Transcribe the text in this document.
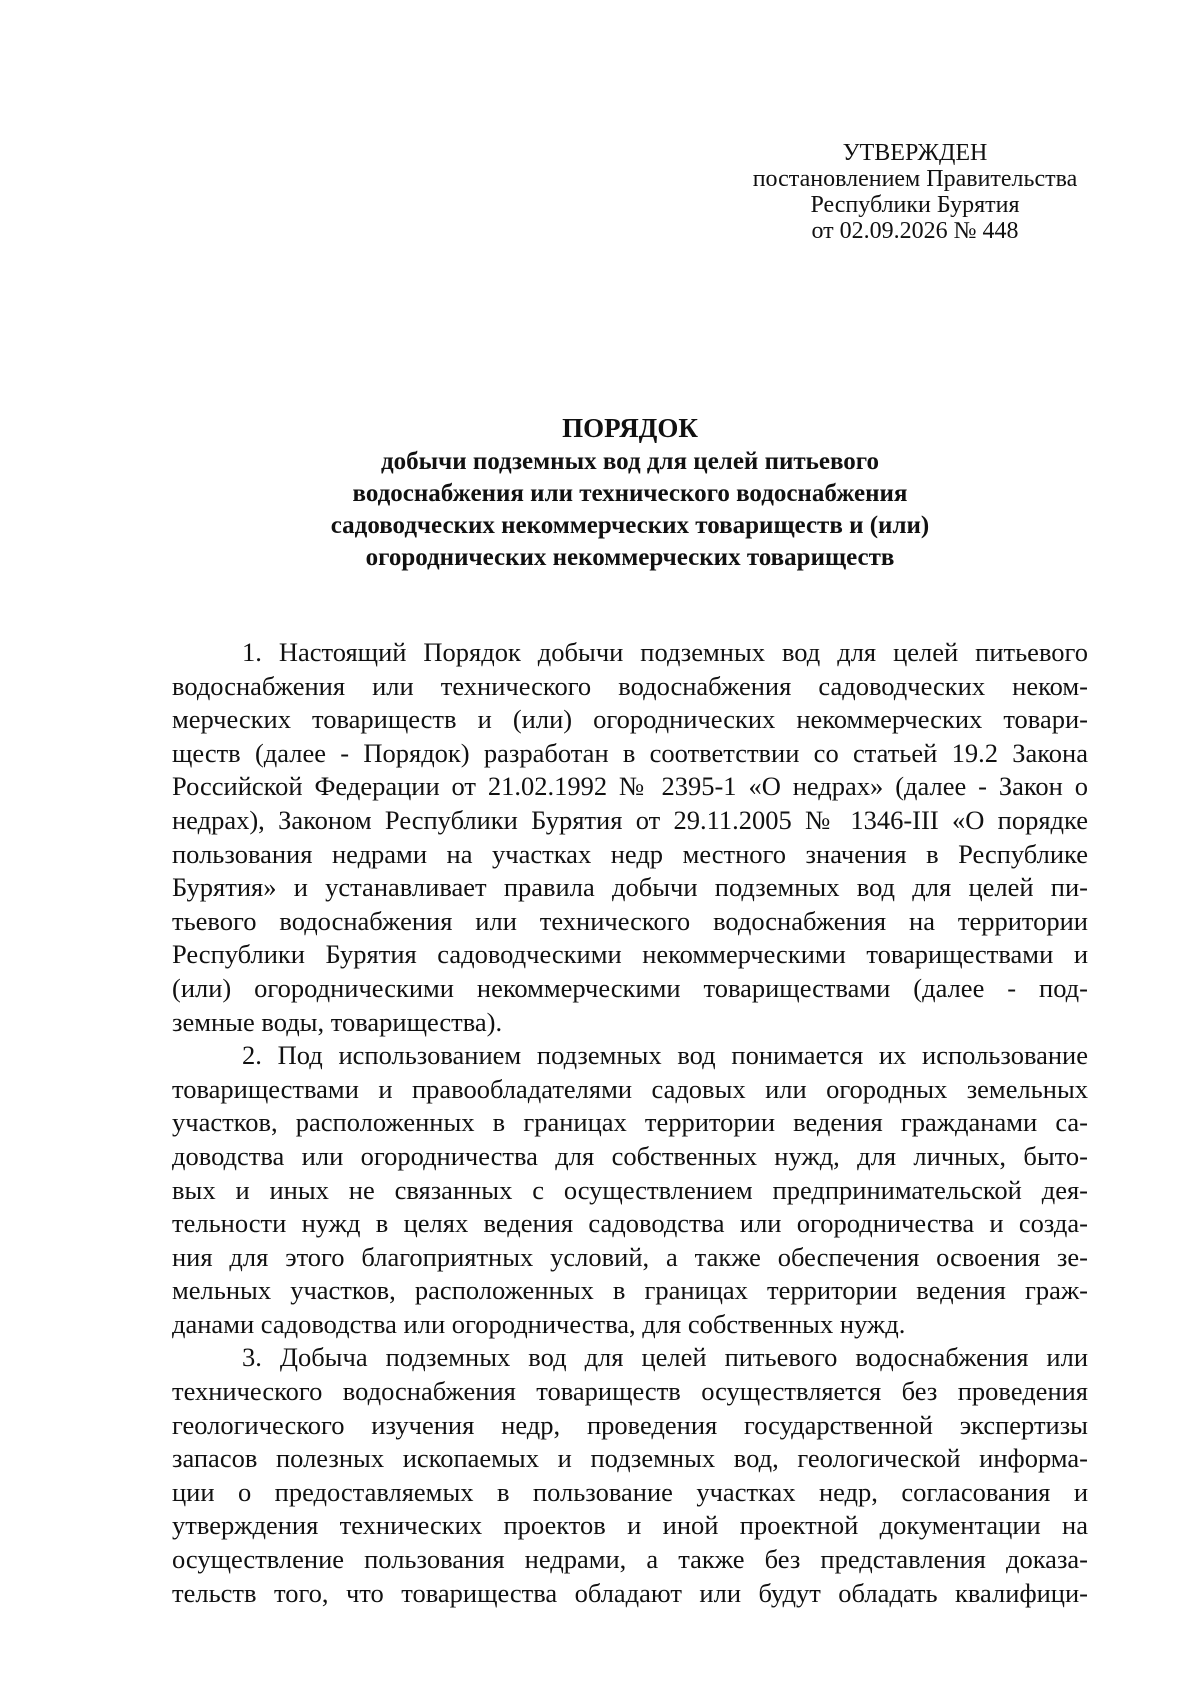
УТВЕРЖДЕН
постановлением Правительства
Республики Бурятия
от 02.09.2026 № 448
ПОРЯДОК
добычи подземных вод для целей питьевого
водоснабжения или технического водоснабжения
садоводческих некоммерческих товариществ и (или)
огороднических некоммерческих товариществ
1. Настоящий Порядок добычи подземных вод для целей питьевого
водоснабжения или технического водоснабжения садоводческих неком-
мерческих товариществ и (или) огороднических некоммерческих товари-
ществ (далее - Порядок) разработан в соответствии со статьей 19.2 Закона
Российской Федерации от 21.02.1992 № 2395-1 «О недрах» (далее - Закон о
недрах), Законом Республики Бурятия от 29.11.2005 № 1346-III «О порядке
пользования недрами на участках недр местного значения в Республике
Бурятия» и устанавливает правила добычи подземных вод для целей пи-
тьевого водоснабжения или технического водоснабжения на территории
Республики Бурятия садоводческими некоммерческими товариществами и
(или) огородническими некоммерческими товариществами (далее - под-
земные воды, товарищества).
2. Под использованием подземных вод понимается их использование
товариществами и правообладателями садовых или огородных земельных
участков, расположенных в границах территории ведения гражданами са-
доводства или огородничества для собственных нужд, для личных, быто-
вых и иных не связанных с осуществлением предпринимательской дея-
тельности нужд в целях ведения садоводства или огородничества и созда-
ния для этого благоприятных условий, а также обеспечения освоения зе-
мельных участков, расположенных в границах территории ведения граж-
данами садоводства или огородничества, для собственных нужд.
3. Добыча подземных вод для целей питьевого водоснабжения или
технического водоснабжения товариществ осуществляется без проведения
геологического изучения недр, проведения государственной экспертизы
запасов полезных ископаемых и подземных вод, геологической информа-
ции о предоставляемых в пользование участках недр, согласования и
утверждения технических проектов и иной проектной документации на
осуществление пользования недрами, а также без представления доказа-
тельств того, что товарищества обладают или будут обладать квалифици-
